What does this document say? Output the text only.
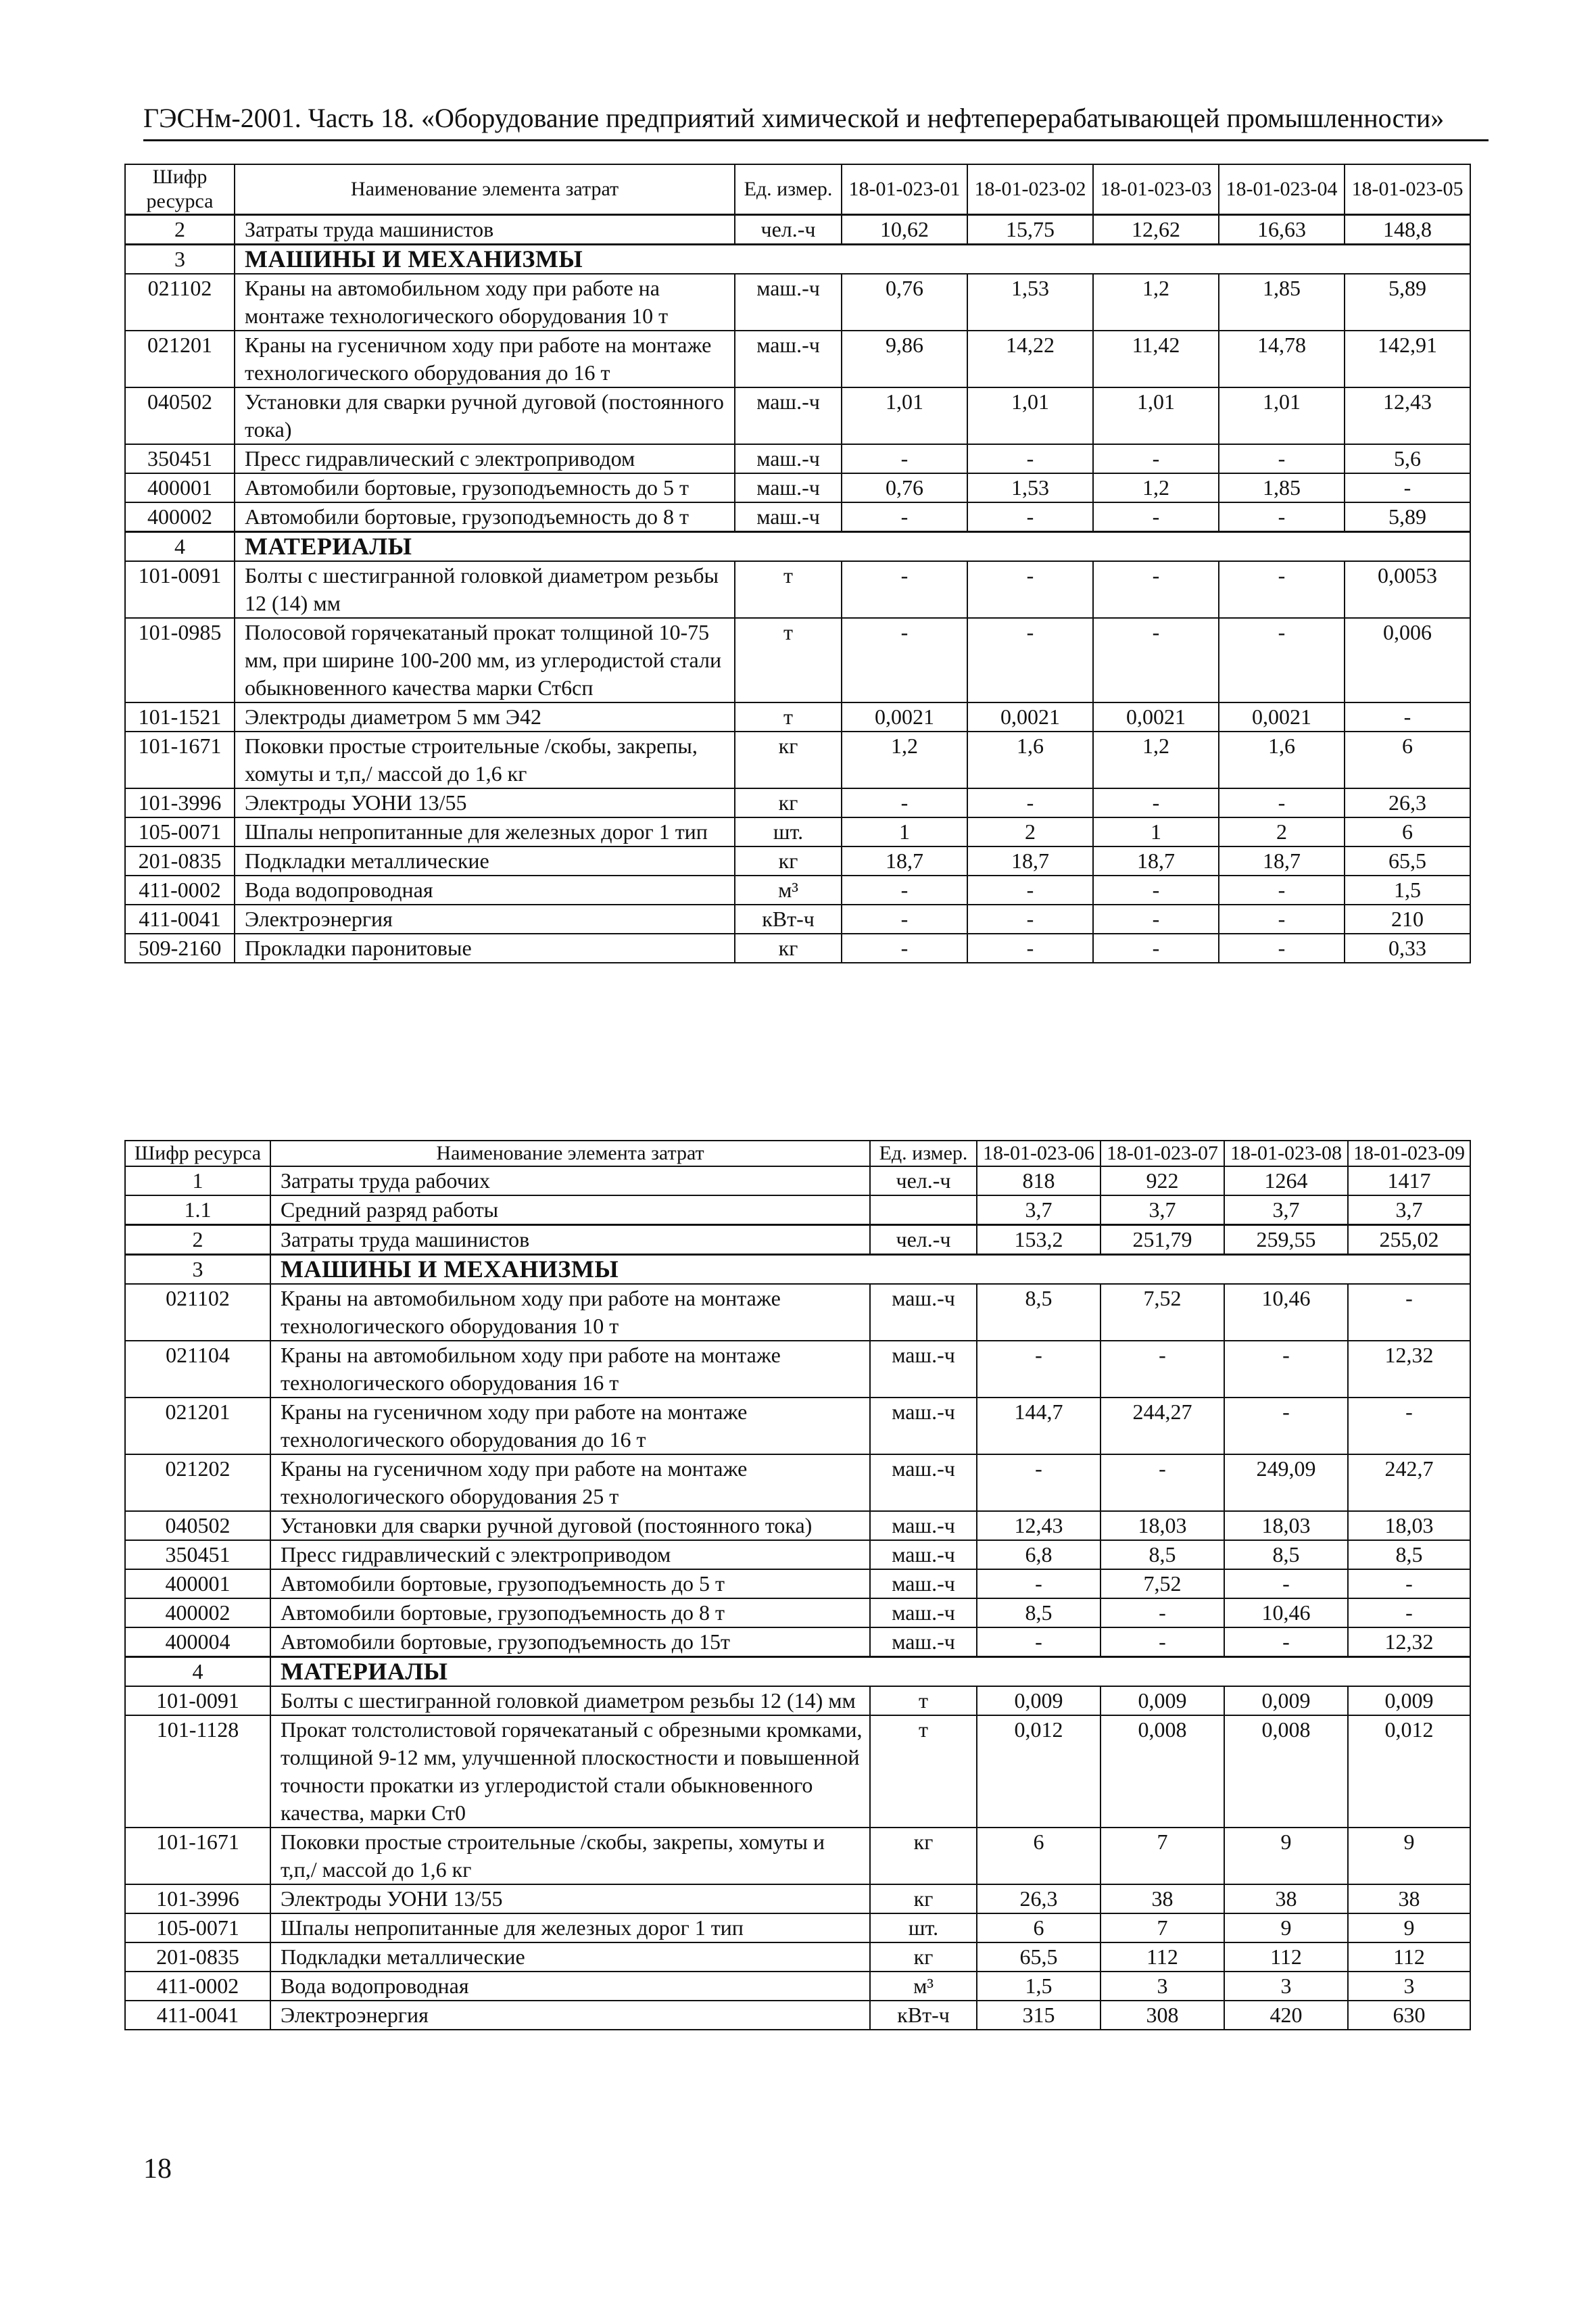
ГЭСНм-2001. Часть 18. «Оборудование предприятий химической и нефтеперерабатывающей промышленности»
Шифр ресурса	Наименование элемента затрат	Ед. измер.	18-01-023-01	18-01-023-02	18-01-023-03	18-01-023-04	18-01-023-05
2	Затраты труда машинистов	чел.-ч	10,62	15,75	12,62	16,63	148,8
3	МАШИНЫ И МЕХАНИЗМЫ						
021102	Краны на автомобильном ходу при работе на монтаже технологического оборудования 10 т	маш.-ч	0,76	1,53	1,2	1,85	5,89
021201	Краны на гусеничном ходу при работе на монтаже технологического оборудования до 16 т	маш.-ч	9,86	14,22	11,42	14,78	142,91
040502	Установки для сварки ручной дуговой (постоянного тока)	маш.-ч	1,01	1,01	1,01	1,01	12,43
350451	Пресс гидравлический с электроприводом	маш.-ч	-	-	-	-	5,6
400001	Автомобили бортовые, грузоподъемность до 5 т	маш.-ч	0,76	1,53	1,2	1,85	-
400002	Автомобили бортовые, грузоподъемность до 8 т	маш.-ч	-	-	-	-	5,89
4	МАТЕРИАЛЫ						
101-0091	Болты с шестигранной головкой диаметром резьбы 12 (14) мм	т	-	-	-	-	0,0053
101-0985	Полосовой горячекатаный прокат толщиной 10-75 мм, при ширине 100-200 мм, из углеродистой стали обыкновенного качества марки Ст6сп	т	-	-	-	-	0,006
101-1521	Электроды диаметром 5 мм Э42	т	0,0021	0,0021	0,0021	0,0021	-
101-1671	Поковки простые строительные /скобы, закрепы, хомуты и т,п,/ массой до 1,6 кг	кг	1,2	1,6	1,2	1,6	6
101-3996	Электроды УОНИ 13/55	кг	-	-	-	-	26,3
105-0071	Шпалы непропитанные для железных дорог 1 тип	шт.	1	2	1	2	6
201-0835	Подкладки металлические	кг	18,7	18,7	18,7	18,7	65,5
411-0002	Вода водопроводная	м³	-	-	-	-	1,5
411-0041	Электроэнергия	кВт-ч	-	-	-	-	210
509-2160	Прокладки паронитовые	кг	-	-	-	-	0,33
Шифр ресурса	Наименование элемента затрат	Ед. измер.	18-01-023-06	18-01-023-07	18-01-023-08	18-01-023-09
1	Затраты труда рабочих	чел.-ч	818	922	1264	1417
1.1	Средний разряд работы		3,7	3,7	3,7	3,7
2	Затраты труда машинистов	чел.-ч	153,2	251,79	259,55	255,02
3	МАШИНЫ И МЕХАНИЗМЫ					
021102	Краны на автомобильном ходу при работе на монтаже технологического оборудования 10 т	маш.-ч	8,5	7,52	10,46	-
021104	Краны на автомобильном ходу при работе на монтаже технологического оборудования 16 т	маш.-ч	-	-	-	12,32
021201	Краны на гусеничном ходу при работе на монтаже технологического оборудования до 16 т	маш.-ч	144,7	244,27	-	-
021202	Краны на гусеничном ходу при работе на монтаже технологического оборудования 25 т	маш.-ч	-	-	249,09	242,7
040502	Установки для сварки ручной дуговой (постоянного тока)	маш.-ч	12,43	18,03	18,03	18,03
350451	Пресс гидравлический с электроприводом	маш.-ч	6,8	8,5	8,5	8,5
400001	Автомобили бортовые, грузоподъемность до 5 т	маш.-ч	-	7,52	-	-
400002	Автомобили бортовые, грузоподъемность до 8 т	маш.-ч	8,5	-	10,46	-
400004	Автомобили бортовые, грузоподъемность до 15т	маш.-ч	-	-	-	12,32
4	МАТЕРИАЛЫ					
101-0091	Болты с шестигранной головкой диаметром резьбы 12 (14) мм	т	0,009	0,009	0,009	0,009
101-1128	Прокат толстолистовой горячекатаный с обрезными кромками, толщиной 9-12 мм, улучшенной плоскостности и повышенной точности прокатки из углеродистой стали обыкновенного качества, марки Ст0	т	0,012	0,008	0,008	0,012
101-1671	Поковки простые строительные /скобы, закрепы, хомуты и т,п,/ массой до 1,6 кг	кг	6	7	9	9
101-3996	Электроды УОНИ 13/55	кг	26,3	38	38	38
105-0071	Шпалы непропитанные для железных дорог 1 тип	шт.	6	7	9	9
201-0835	Подкладки металлические	кг	65,5	112	112	112
411-0002	Вода водопроводная	м³	1,5	3	3	3
411-0041	Электроэнергия	кВт-ч	315	308	420	630
18
